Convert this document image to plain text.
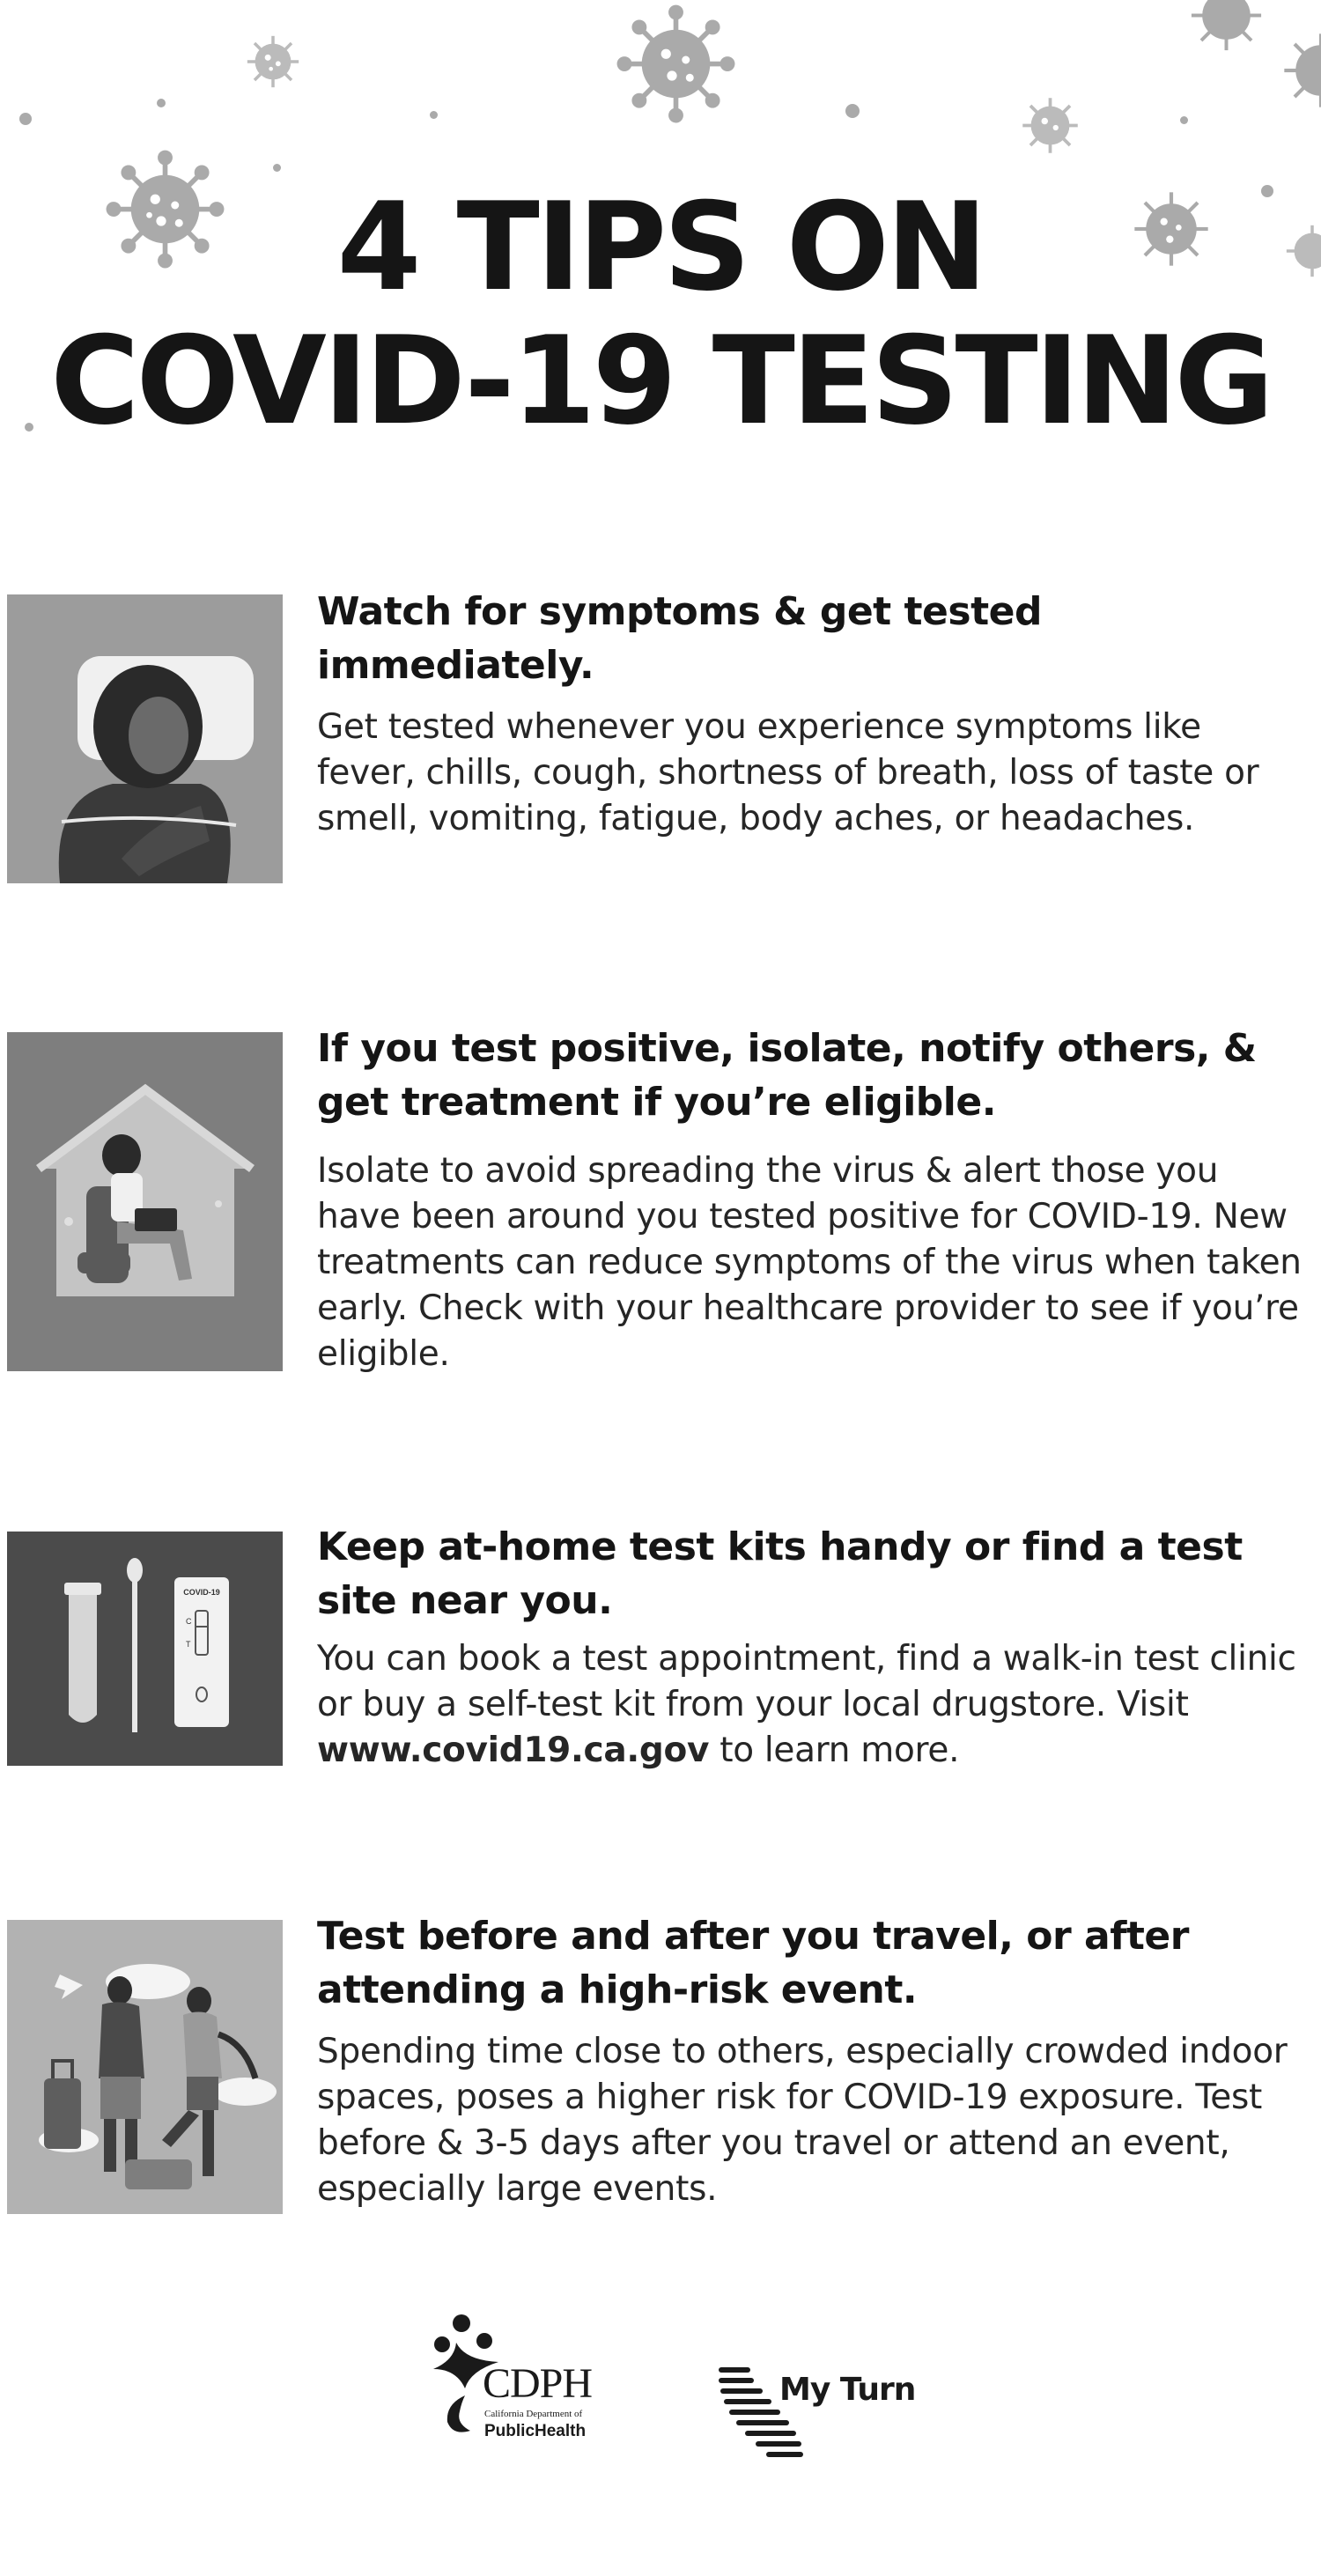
4 TIPS ON
COVID-19 TESTING
Watch for symptoms & get tested immediately.
Get tested whenever you experience symptoms like fever, chills, cough, shortness of breath, loss of taste or smell, vomiting, fatigue, body aches, or headaches.
If you test positive, isolate, notify others, & get treatment if you’re eligible.
Isolate to avoid spreading the virus & alert those you have been around you tested positive for COVID-19. New treatments can reduce symptoms of the virus when taken early. Check with your healthcare provider to see if you’re eligible.
COVID-19
C
T
Keep at-home test kits handy or find a test site near you.
You can book a test appointment, find a walk-in test clinic or buy a self-test kit from your local drugstore. Visit www.covid19.ca.gov to learn more.
Test before and after you travel, or after attending a high-risk event.
Spending time close to others, especially crowded indoor spaces, poses a higher risk for COVID-19 exposure. Test before & 3-5 days after you travel or attend an event, especially large events.
CDPH
California Department of
PublicHealth
My Turn
